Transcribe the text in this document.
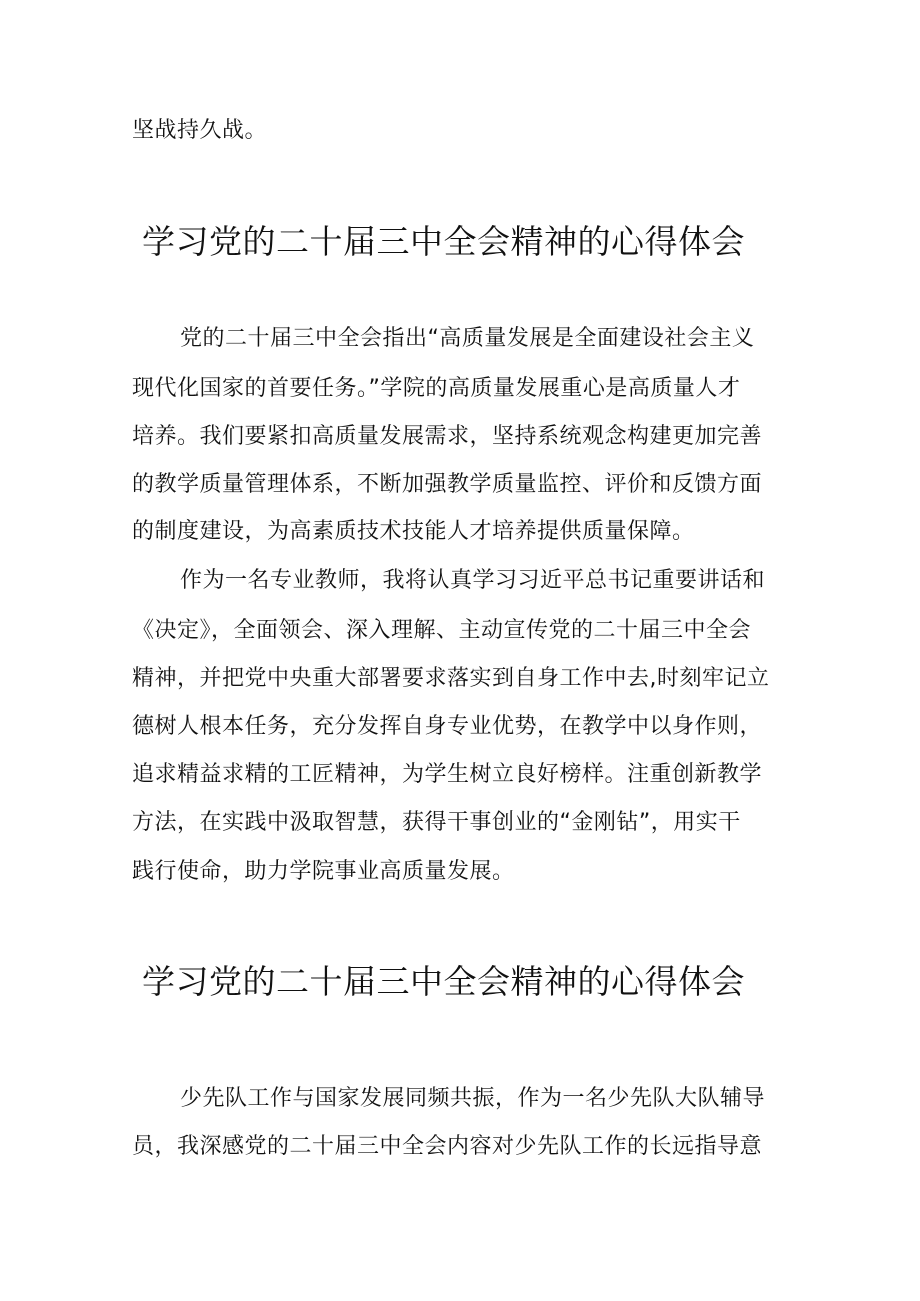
坚战持久战。
学习党的二十届三中全会精神的心得体会
党的二十届三中全会指出“高质量发展是全面建设社会主义
现代化国家的首要任务。”学院的高质量发展重心是高质量人才
培养。我们要紧扣高质量发展需求，坚持系统观念构建更加完善
的教学质量管理体系，不断加强教学质量监控、评价和反馈方面
的制度建设，为高素质技术技能人才培养提供质量保障。
作为一名专业教师，我将认真学习习近平总书记重要讲话和
《决定》，全面领会、深入理解、主动宣传党的二十届三中全会
精神，并把党中央重大部署要求落实到自身工作中去,时刻牢记立
德树人根本任务，充分发挥自身专业优势，在教学中以身作则，
追求精益求精的工匠精神，为学生树立良好榜样。注重创新教学
方法，在实践中汲取智慧，获得干事创业的“金刚钻”，用实干
践行使命，助力学院事业高质量发展。
学习党的二十届三中全会精神的心得体会
少先队工作与国家发展同频共振，作为一名少先队大队辅导
员，我深感党的二十届三中全会内容对少先队工作的长远指导意
